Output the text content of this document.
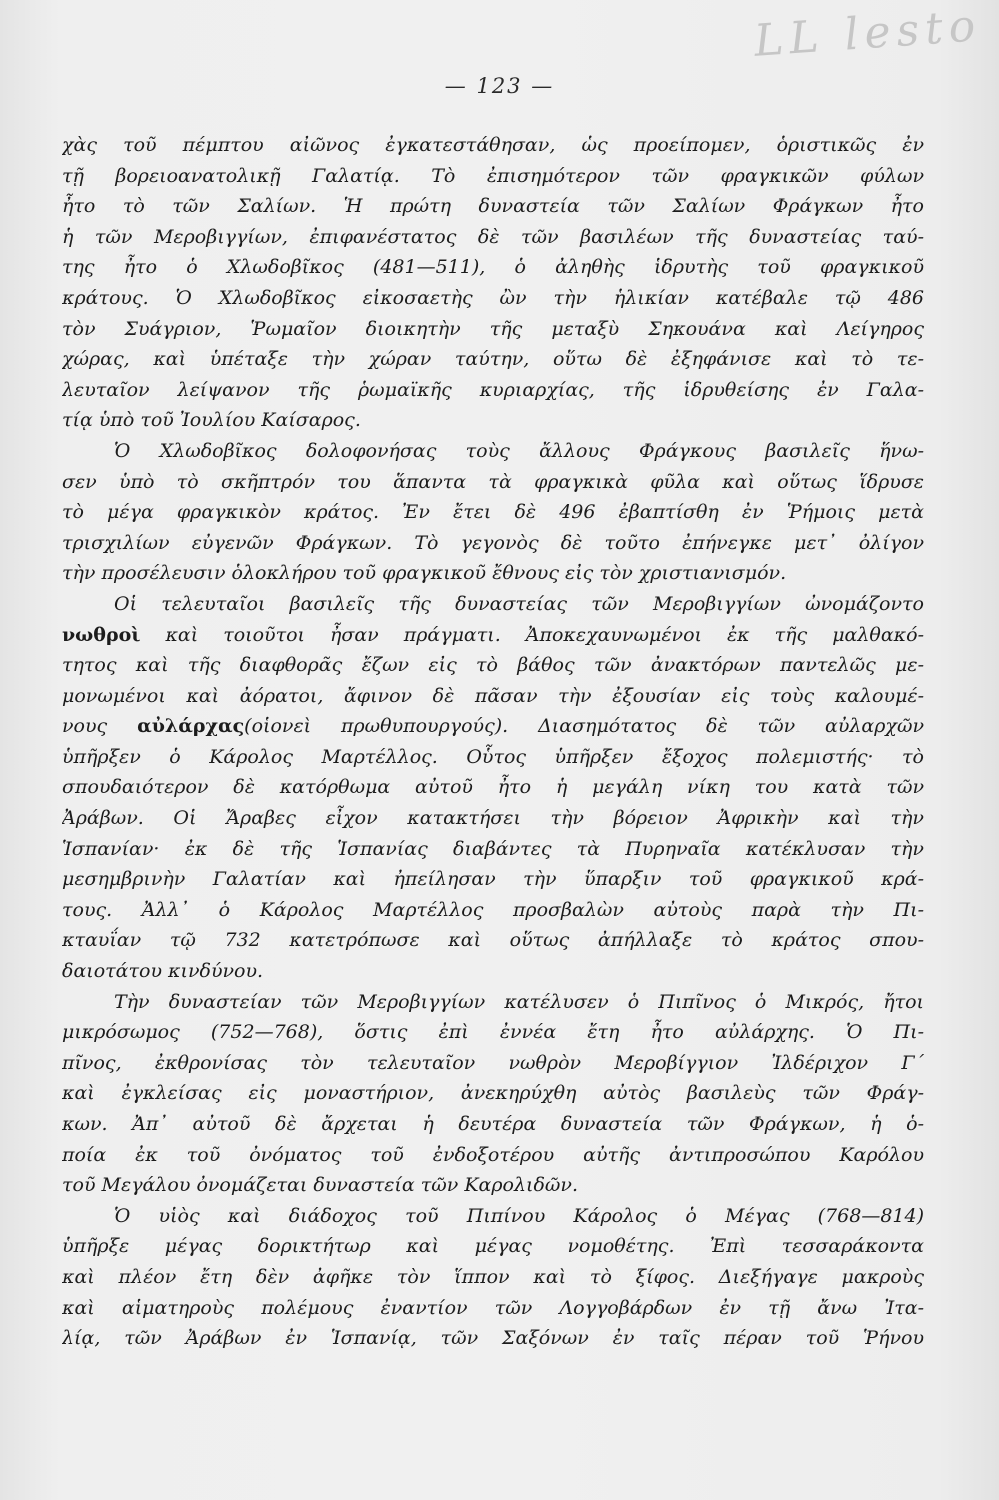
LL lesto
— 123 —
χὰς τοῦ πέμπτου αἰῶνος ἐγκατεστάθησαν, ὡς προείπομεν, ὁριστικῶς ἐν
τῇ βορειοανατολικῇ Γαλατίᾳ. Τὸ ἐπισημότερον τῶν φραγκικῶν φύλων
ἦτο τὸ τῶν Σαλίων. Ἡ πρώτη δυναστεία τῶν Σαλίων Φράγκων ἦτο
ἡ τῶν Μεροβιγγίων, ἐπιφανέστατος δὲ τῶν βασιλέων τῆς δυναστείας ταύ-
της ἦτο ὁ Χλωδοβῖκος (481—511), ὁ ἀληθὴς ἱδρυτὴς τοῦ φραγκικοῦ
κράτους. Ὁ Χλωδοβῖκος εἰκοσαετὴς ὢν τὴν ἡλικίαν κατέβαλε τῷ 486
τὸν Συάγριον, Ῥωμαῖον διοικητὴν τῆς μεταξὺ Σηκουάνα καὶ Λείγηρος
χώρας, καὶ ὑπέταξε τὴν χώραν ταύτην, οὕτω δὲ ἐξηφάνισε καὶ τὸ τε-
λευταῖον λείψανον τῆς ῥωμαϊκῆς κυριαρχίας, τῆς ἱδρυθείσης ἐν Γαλα-
τίᾳ ὑπὸ τοῦ Ἰουλίου Καίσαρος.
Ὁ Χλωδοβῖκος δολοφονήσας τοὺς ἄλλους Φράγκους βασιλεῖς ἥνω-
σεν ὑπὸ τὸ σκῆπτρόν του ἅπαντα τὰ φραγκικὰ φῦλα καὶ οὕτως ἵδρυσε
τὸ μέγα φραγκικὸν κράτος. Ἐν ἔτει δὲ 496 ἐβαπτίσθη ἐν Ῥήμοις μετὰ
τρισχιλίων εὐγενῶν Φράγκων. Τὸ γεγονὸς δὲ τοῦτο ἐπήνεγκε μετ᾽ ὀλίγον
τὴν προσέλευσιν ὁλοκλήρου τοῦ φραγκικοῦ ἔθνους εἰς τὸν χριστιανισμόν.
Οἱ τελευταῖοι βασιλεῖς τῆς δυναστείας τῶν Μεροβιγγίων ὠνομάζοντο
νωθροὶ καὶ τοιοῦτοι ἦσαν πράγματι. Ἀποκεχαυνωμένοι ἐκ τῆς μαλθακό-
τητος καὶ τῆς διαφθορᾶς ἔζων εἰς τὸ βάθος τῶν ἀνακτόρων παντελῶς με-
μονωμένοι καὶ ἀόρατοι, ἄφινον δὲ πᾶσαν τὴν ἐξουσίαν εἰς τοὺς καλουμέ-
νους αὐλάρχας(οἱονεὶ πρωθυπουργούς). Διασημότατος δὲ τῶν αὐλαρχῶν
ὑπῆρξεν ὁ Κάρολος Μαρτέλλος. Οὗτος ὑπῆρξεν ἔξοχος πολεμιστής· τὸ
σπουδαιότερον δὲ κατόρθωμα αὐτοῦ ἦτο ἡ μεγάλη νίκη του κατὰ τῶν
Ἀράβων. Οἱ Ἄραβες εἶχον κατακτήσει τὴν βόρειον Ἀφρικὴν καὶ τὴν
Ἱσπανίαν· ἐκ δὲ τῆς Ἱσπανίας διαβάντες τὰ Πυρηναῖα κατέκλυσαν τὴν
μεσημβρινὴν Γαλατίαν καὶ ἠπείλησαν τὴν ὕπαρξιν τοῦ φραγκικοῦ κρά-
τους. Ἀλλ᾽ ὁ Κάρολος Μαρτέλλος προσβαλὼν αὐτοὺς παρὰ τὴν Πι-
κταυΐαν τῷ 732 κατετρόπωσε καὶ οὕτως ἀπήλλαξε τὸ κράτος σπου-
δαιοτάτου κινδύνου.
Τὴν δυναστείαν τῶν Μεροβιγγίων κατέλυσεν ὁ Πιπῖνος ὁ Μικρός, ἤτοι
μικρόσωμος (752—768), ὅστις ἐπὶ ἐννέα ἔτη ἦτο αὐλάρχης. Ὁ Πι-
πῖνος, ἐκθρονίσας τὸν τελευταῖον νωθρὸν Μεροβίγγιον Ἰλδέριχον Γ´
καὶ ἐγκλείσας εἰς μοναστήριον, ἀνεκηρύχθη αὐτὸς βασιλεὺς τῶν Φράγ-
κων. Ἀπ᾽ αὐτοῦ δὲ ἄρχεται ἡ δευτέρα δυναστεία τῶν Φράγκων, ἡ ὁ-
ποία ἐκ τοῦ ὀνόματος τοῦ ἐνδοξοτέρου αὐτῆς ἀντιπροσώπου Καρόλου
τοῦ Μεγάλου ὀνομάζεται δυναστεία τῶν Καρολιδῶν.
Ὁ υἱὸς καὶ διάδοχος τοῦ Πιπίνου Κάρολος ὁ Μέγας (768—814)
ὑπῆρξε μέγας δορικτήτωρ καὶ μέγας νομοθέτης. Ἐπὶ τεσσαράκοντα
καὶ πλέον ἔτη δὲν ἀφῆκε τὸν ἵππον καὶ τὸ ξίφος. Διεξήγαγε μακροὺς
καὶ αἱματηροὺς πολέμους ἐναντίον τῶν Λογγοβάρδων ἐν τῇ ἄνω Ἰτα-
λίᾳ, τῶν Ἀράβων ἐν Ἱσπανίᾳ, τῶν Σαξόνων ἐν ταῖς πέραν τοῦ Ῥήνου
